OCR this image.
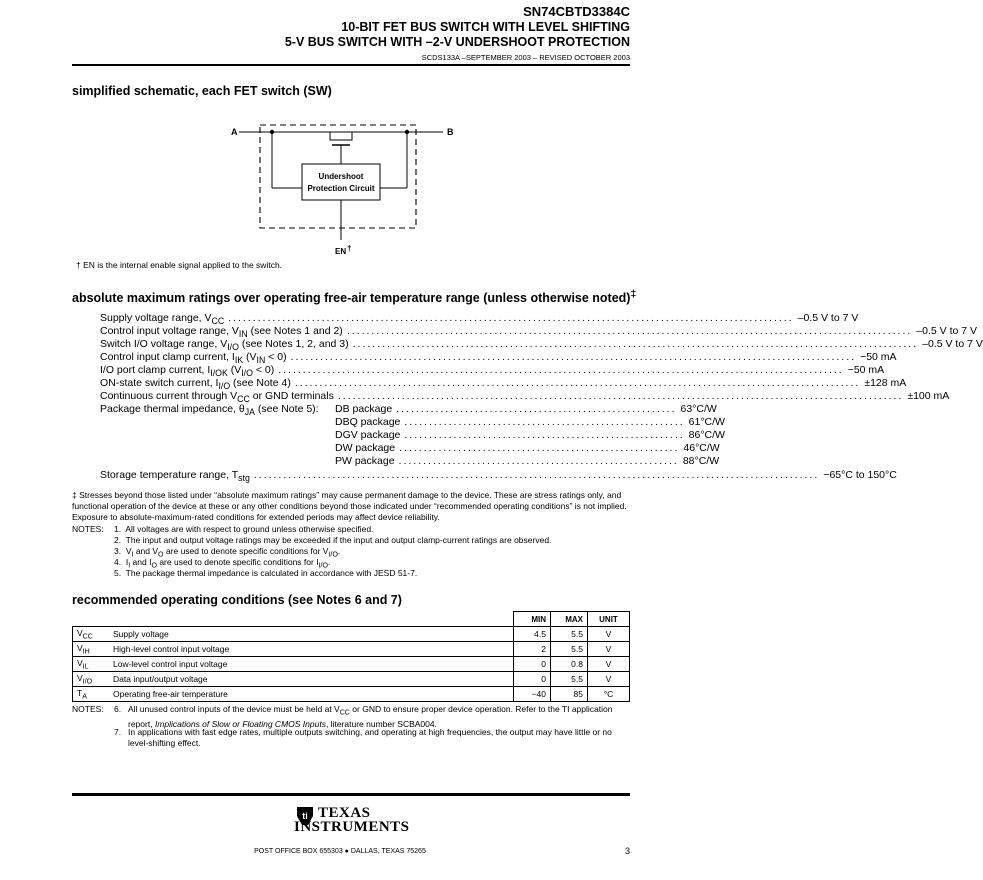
SN74CBTD3384C
10-BIT FET BUS SWITCH WITH LEVEL SHIFTING
5-V BUS SWITCH WITH –2-V UNDERSHOOT PROTECTION
SCDS133A –SEPTEMBER 2003 – REVISED OCTOBER 2003
simplified schematic, each FET switch (SW)
A	B
Undershoot
Protection Circuit
EN †
† EN is the internal enable signal applied to the switch.
absolute maximum ratings over operating free-air temperature range (unless otherwise noted)‡
Supply voltage range, $V_{CC}$ ................................................................................................................... –0.5 V to 7 V
Control input voltage range, $V_{IN}$ (see Notes 1 and 2) ................................................................................................................... –0.5 V to 7 V
Switch I/O voltage range, $V_{I/O}$ (see Notes 1, 2, and 3) ................................................................................................................... –0.5 V to 7 V
Control input clamp current, $I_{IK}$ $(V_{IN} < 0)$ ................................................................................................................... −50 mA
I/O port clamp current, $I_{I/OK}$ $(V_{I/O} < 0)$ ................................................................................................................... −50 mA
ON-state switch current, $I_{I/O}$ (see Note 4) ................................................................................................................... ±128 mA
Continuous current through $V_{CC}$ or GND terminals ................................................................................................................... ±100 mA
Package thermal impedance, $\theta_{JA}$ (see Note 5): DB package ......................................................... 63°C/W
DBQ package ......................................................... 61°C/W
DGV package ......................................................... 86°C/W
DW package ......................................................... 46°C/W
PW package ......................................................... 88°C/W
Storage temperature range, $T_{stg}$ ................................................................................................................... −65°C to 150°C
‡ Stresses beyond those listed under “absolute maximum ratings” may cause permanent damage to the device. These are stress ratings only, and functional operation of the device at these or any other conditions beyond those indicated under “recommended operating conditions” is not implied. Exposure to absolute-maximum-rated conditions for extended periods may affect device reliability.
NOTES: 1. All voltages are with respect to ground unless otherwise specified.
2. The input and output voltage ratings may be exceeded if the input and output clamp-current ratings are observed.
3. $V_I$ and $V_O$ are used to denote specific conditions for $V_{I/O}$.
4. $I_I$ and $I_O$ are used to denote specific conditions for $I_{I/O}$.
5. The package thermal impedance is calculated in accordance with JESD 51-7.
recommended operating conditions (see Notes 6 and 7)
		MIN	MAX	UNIT
$V_{CC}$	Supply voltage	4.5	5.5	V
$V_{IH}$	High-level control input voltage	2	5.5	V
$V_{IL}$	Low-level control input voltage	0	0.8	V
$V_{I/O}$	Data input/output voltage	0	5.5	V
$T_A$	Operating free-air temperature	−40	85	°C
NOTES: 6. All unused control inputs of the device must be held at $V_{CC}$ or GND to ensure proper device operation. Refer to the TI application report, Implications of Slow or Floating CMOS Inputs, literature number SCBA004.
7. In applications with fast edge rates, multiple outputs switching, and operating at high frequencies, the output may have little or no level-shifting effect.
ti TEXAS
INSTRUMENTS
POST OFFICE BOX 655303 ● DALLAS, TEXAS 75265	3
